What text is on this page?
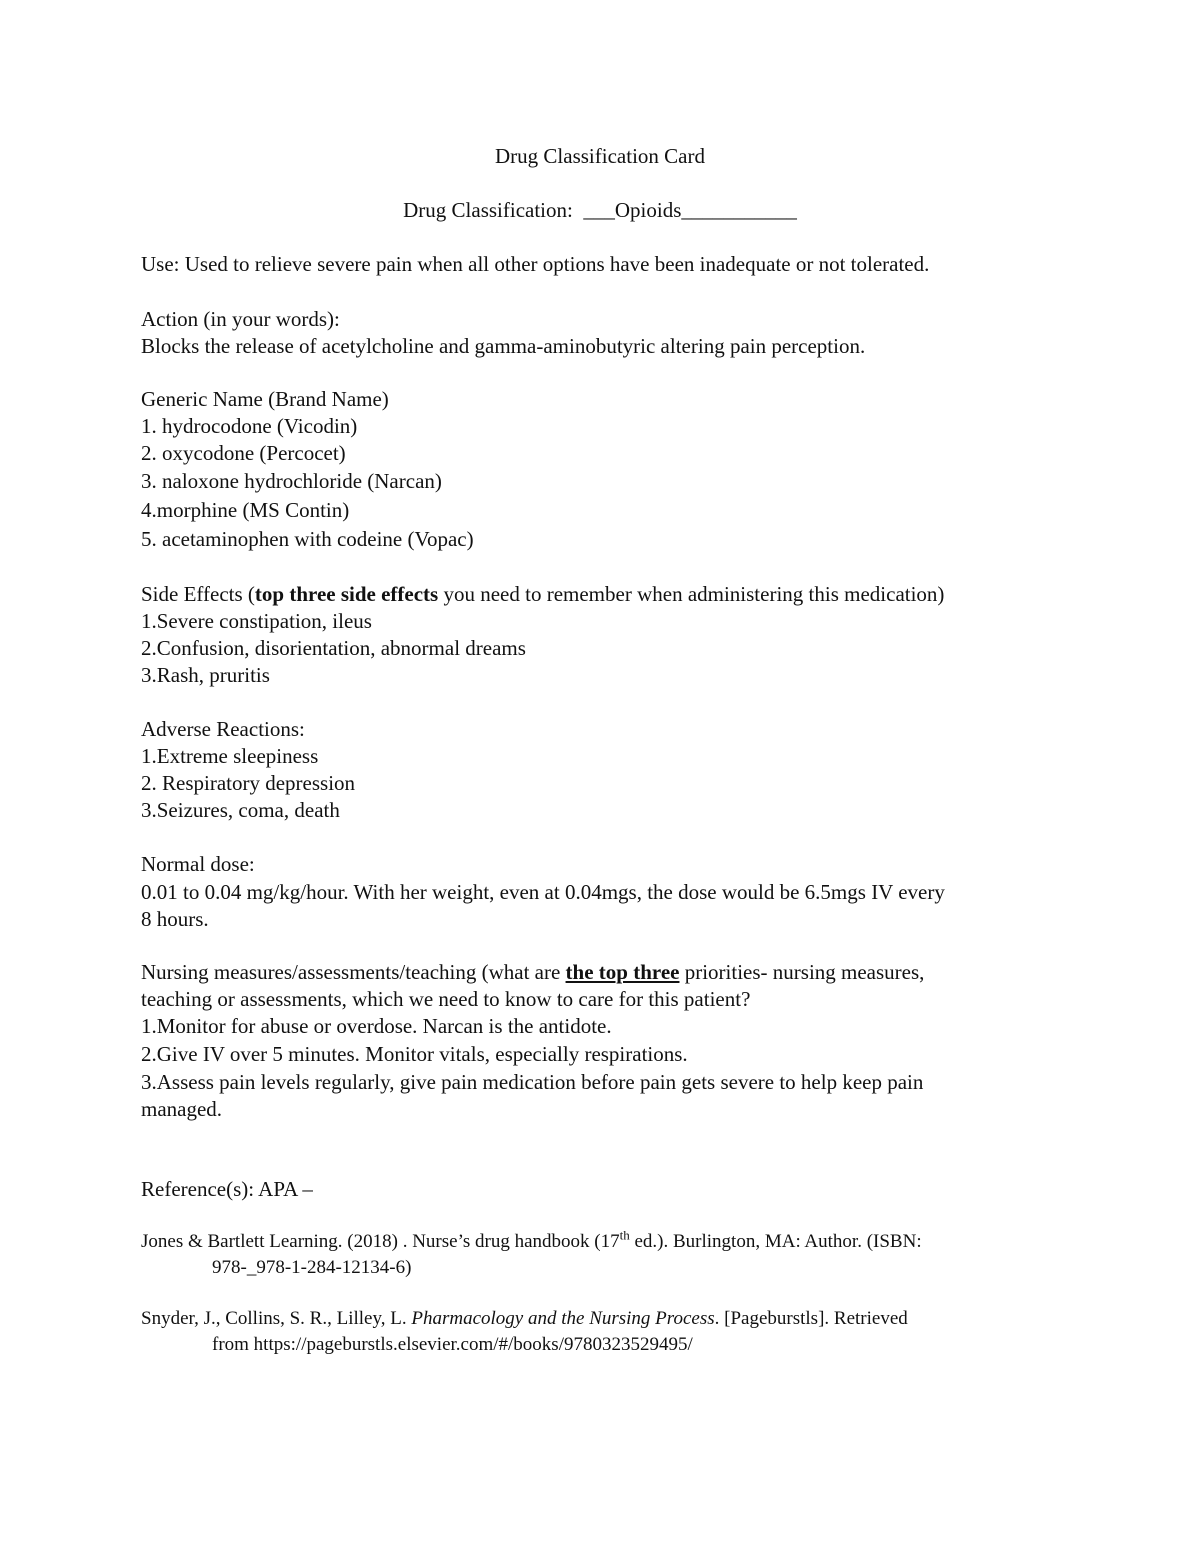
Drug Classification Card
Drug Classification: ___Opioids___________
Use: Used to relieve severe pain when all other options have been inadequate or not tolerated.
Action (in your words):
Blocks the release of acetylcholine and gamma-aminobutyric altering pain perception.
Generic Name (Brand Name)
1. hydrocodone (Vicodin)
2. oxycodone (Percocet)
3. naloxone hydrochloride (Narcan)
4.morphine (MS Contin)
5. acetaminophen with codeine (Vopac)
Side Effects (top three side effects you need to remember when administering this medication)
1.Severe constipation, ileus
2.Confusion, disorientation, abnormal dreams
3.Rash, pruritis
Adverse Reactions:
1.Extreme sleepiness
2. Respiratory depression
3.Seizures, coma, death
Normal dose:
0.01 to 0.04 mg/kg/hour. With her weight, even at 0.04mgs, the dose would be 6.5mgs IV every
8 hours.
Nursing measures/assessments/teaching (what are the top three priorities- nursing measures,
teaching or assessments, which we need to know to care for this patient?
1.Monitor for abuse or overdose. Narcan is the antidote.
2.Give IV over 5 minutes. Monitor vitals, especially respirations.
3.Assess pain levels regularly, give pain medication before pain gets severe to help keep pain
managed.
Reference(s): APA –
Jones & Bartlett Learning. (2018) . Nurse’s drug handbook (17th ed.). Burlington, MA: Author. (ISBN:
978-_978-1-284-12134-6)
Snyder, J., Collins, S. R., Lilley, L. Pharmacology and the Nursing Process. [Pageburstls]. Retrieved
from https://pageburstls.elsevier.com/#/books/9780323529495/
